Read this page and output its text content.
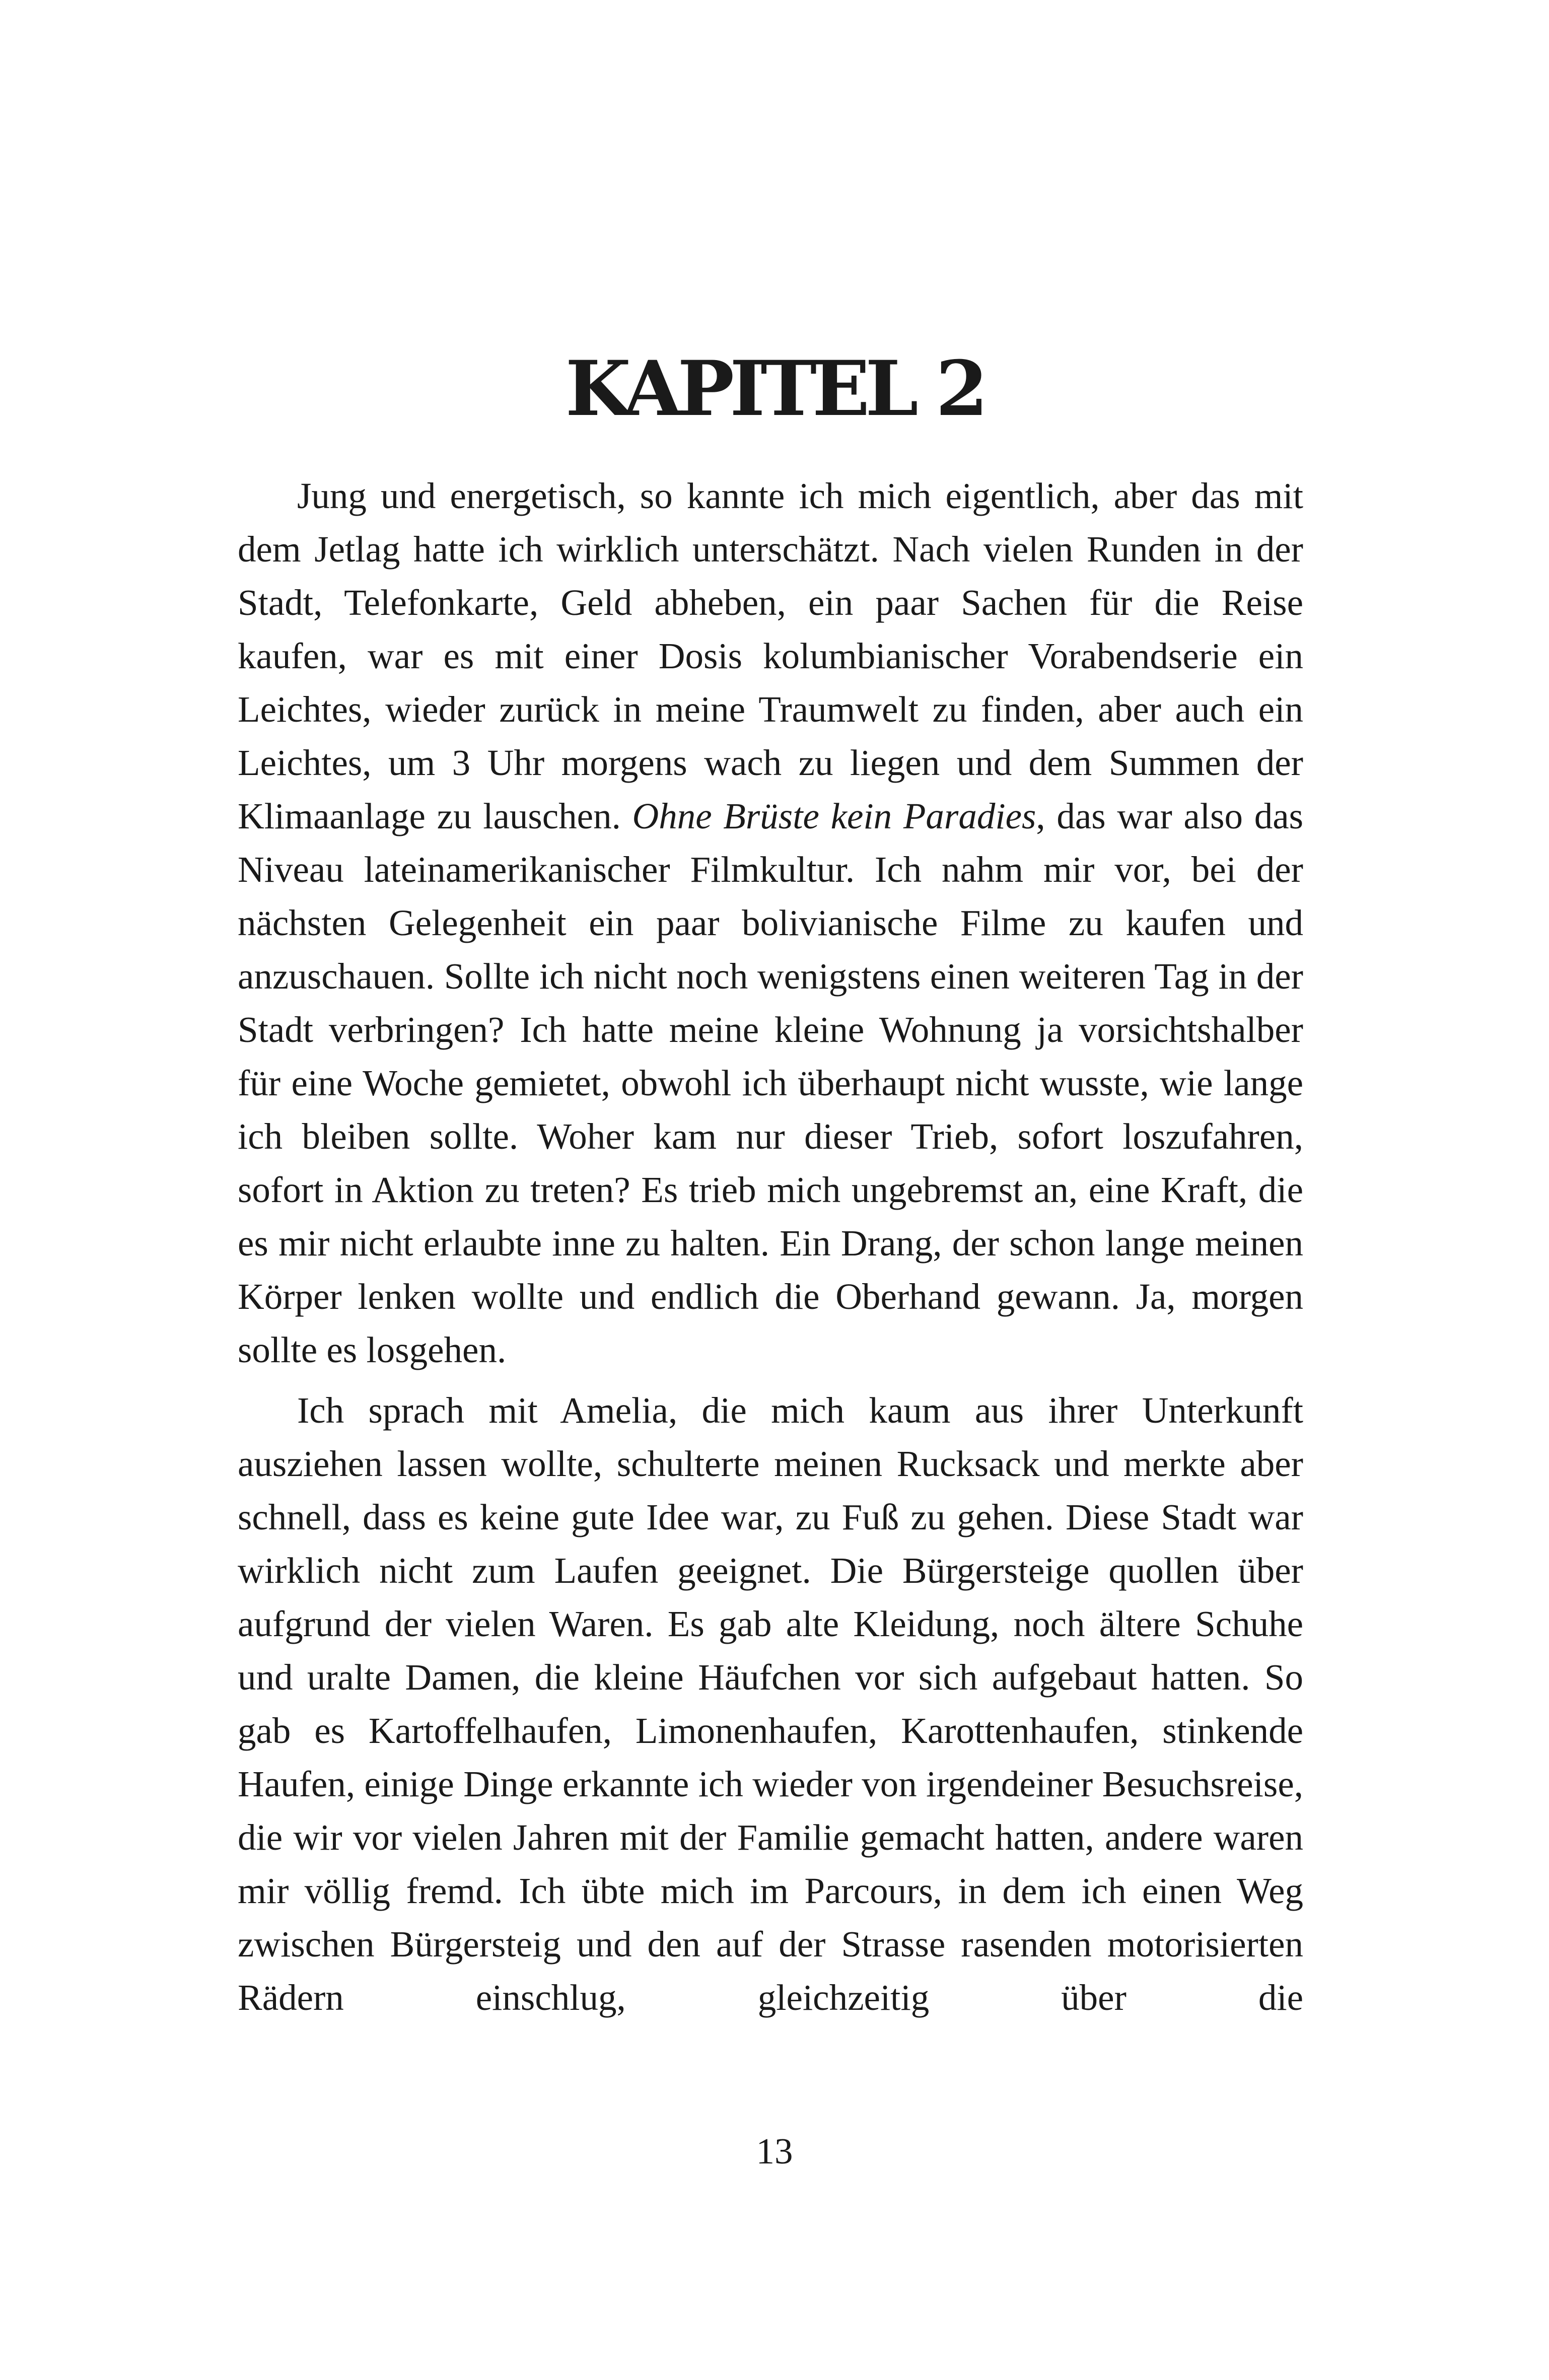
KAPITEL 2

Jung und energetisch, so kannte ich mich eigentlich, aber das mit dem Jetlag hatte ich wirklich unterschätzt. Nach vielen Runden in der Stadt, Telefonkarte, Geld abheben, ein paar Sachen für die Reise kaufen, war es mit einer Dosis kolumbianischer Vorabendserie ein Leichtes, wieder zurück in meine Traumwelt zu finden, aber auch ein Leichtes, um 3 Uhr morgens wach zu liegen und dem Summen der Klimaanlage zu lauschen. Ohne Brüste kein Paradies, das war also das Niveau lateinamerikanischer Filmkultur. Ich nahm mir vor, bei der nächsten Gelegenheit ein paar bolivianische Filme zu kaufen und anzuschauen. Sollte ich nicht noch wenigstens einen weiteren Tag in der Stadt verbringen? Ich hatte meine kleine Wohnung ja vorsichtshalber für eine Woche gemietet, obwohl ich überhaupt nicht wusste, wie lange ich bleiben sollte. Woher kam nur dieser Trieb, sofort loszufahren, sofort in Aktion zu treten? Es trieb mich ungebremst an, eine Kraft, die es mir nicht erlaubte inne zu halten. Ein Drang, der schon lange meinen Körper lenken wollte und endlich die Oberhand gewann. Ja, morgen sollte es losgehen.

Ich sprach mit Amelia, die mich kaum aus ihrer Unterkunft ausziehen lassen wollte, schulterte meinen Rucksack und merkte aber schnell, dass es keine gute Idee war, zu Fuß zu gehen. Diese Stadt war wirklich nicht zum Laufen geeignet. Die Bürgersteige quollen über aufgrund der vielen Waren. Es gab alte Kleidung, noch ältere Schuhe und uralte Damen, die kleine Häufchen vor sich aufgebaut hatten. So gab es Kartoffelhaufen, Limonenhaufen, Karottenhaufen, stinkende Haufen, einige Dinge erkannte ich wieder von irgendeiner Besuchsreise, die wir vor vielen Jahren mit der Familie gemacht hatten, andere waren mir völlig fremd. Ich übte mich im Parcours, in dem ich einen Weg zwischen Bürgersteig und den auf der Strasse rasenden motorisierten Rädern einschlug, gleichzeitig über die

13
